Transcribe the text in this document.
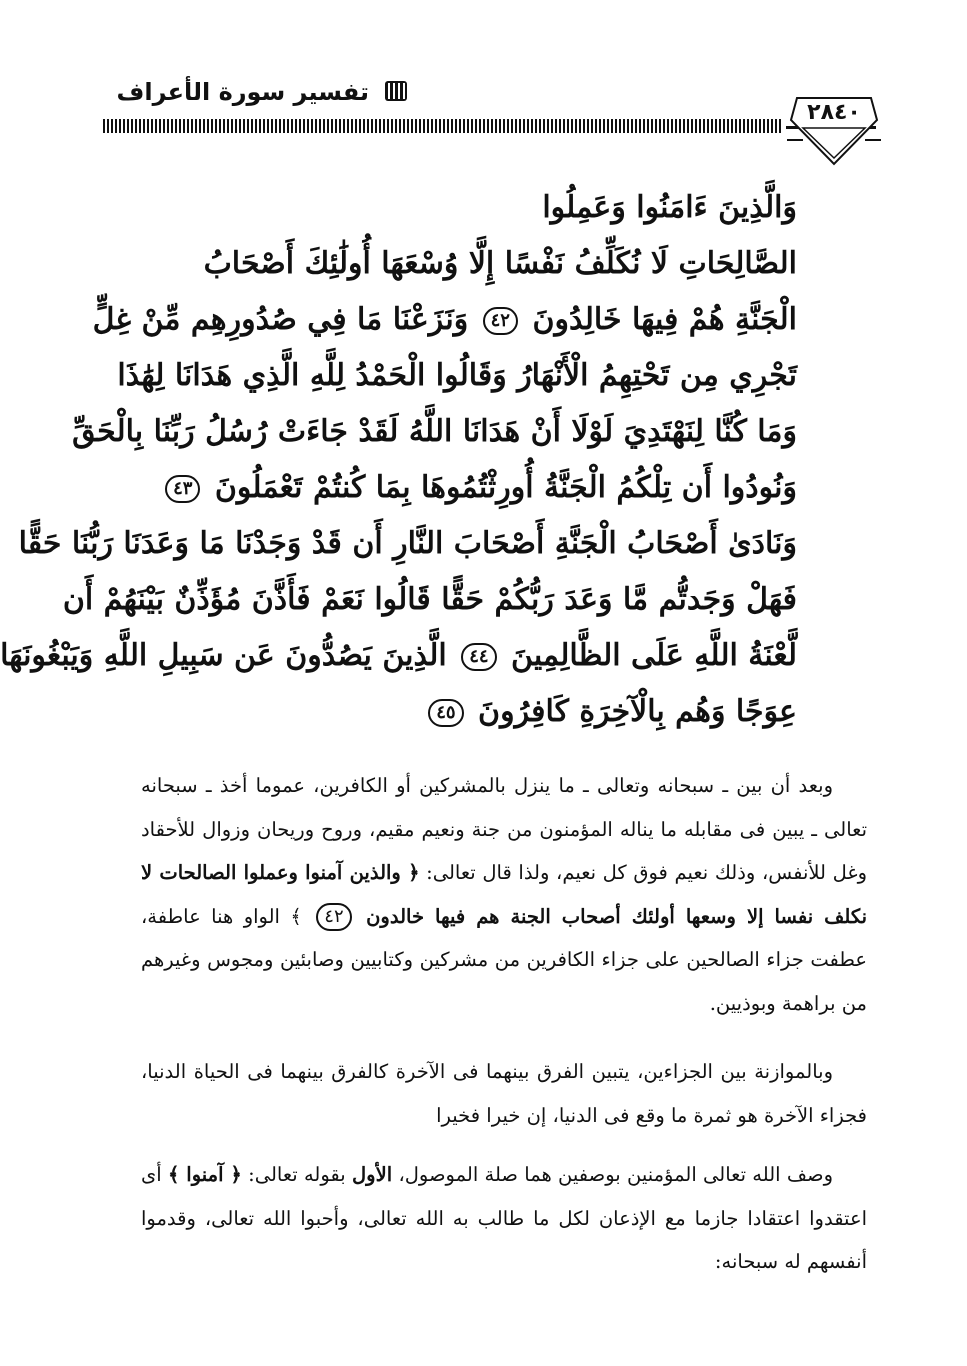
تفسير سورة الأعراف
٢٨٤٠
وَالَّذِينَ ءَامَنُوا وَعَمِلُوا
الصَّالِحَاتِ لَا نُكَلِّفُ نَفْسًا إِلَّا وُسْعَهَا أُولَٰئِكَ أَصْحَابُ
الْجَنَّةِ هُمْ فِيهَا خَالِدُونَ ٤٢ وَنَزَعْنَا مَا فِي صُدُورِهِم مِّنْ غِلٍّ
تَجْرِي مِن تَحْتِهِمُ الْأَنْهَارُ وَقَالُوا الْحَمْدُ لِلَّهِ الَّذِي هَدَانَا لِهَٰذَا
وَمَا كُنَّا لِنَهْتَدِيَ لَوْلَا أَنْ هَدَانَا اللَّهُ لَقَدْ جَاءَتْ رُسُلُ رَبِّنَا بِالْحَقِّ
وَنُودُوا أَن تِلْكُمُ الْجَنَّةُ أُورِثْتُمُوهَا بِمَا كُنتُمْ تَعْمَلُونَ ٤٣
وَنَادَىٰ أَصْحَابُ الْجَنَّةِ أَصْحَابَ النَّارِ أَن قَدْ وَجَدْنَا مَا وَعَدَنَا رَبُّنَا حَقًّا
فَهَلْ وَجَدتُّم مَّا وَعَدَ رَبُّكُمْ حَقًّا قَالُوا نَعَمْ فَأَذَّنَ مُؤَذِّنٌ بَيْنَهُمْ أَن
لَّعْنَةُ اللَّهِ عَلَى الظَّالِمِينَ ٤٤ الَّذِينَ يَصُدُّونَ عَن سَبِيلِ اللَّهِ وَيَبْغُونَهَا
عِوَجًا وَهُم بِالْآخِرَةِ كَافِرُونَ ٤٥
وبعد أن بين ـ سبحانه وتعالى ـ ما ينزل بالمشركين أو الكافرين، عموما أخذ ـ سبحانه تعالى ـ يبين فى مقابله ما يناله المؤمنون من جنة ونعيم مقيم، وروح وريحان وزوال للأحقاد وغل للأنفس، وذلك نعيم فوق كل نعيم، ولذا قال تعالى: ﴿ والذين آمنوا وعملوا الصالحات لا نكلف نفسا إلا وسعها أولئك أصحاب الجنة هم فيها خالدون ٤٢ ﴾ الواو هنا عاطفة، عطفت جزاء الصالحين على جزاء الكافرين من مشركين وكتابيين وصابئين ومجوس وغيرهم من براهمة وبوذيين.
وبالموازنة بين الجزاءين، يتبين الفرق بينهما فى الآخرة كالفرق بينهما فى الحياة الدنيا، فجزاء الآخرة هو ثمرة ما وقع فى الدنيا، إن خيرا فخيرا
وصف الله تعالى المؤمنين بوصفين هما صلة الموصول، الأول بقوله تعالى: ﴿ آمنوا ﴾ أى اعتقدوا اعتقادا جازما مع الإذعان لكل ما طالب به الله تعالى، وأحبوا الله تعالى، وقدموا أنفسهم له سبحانه:
